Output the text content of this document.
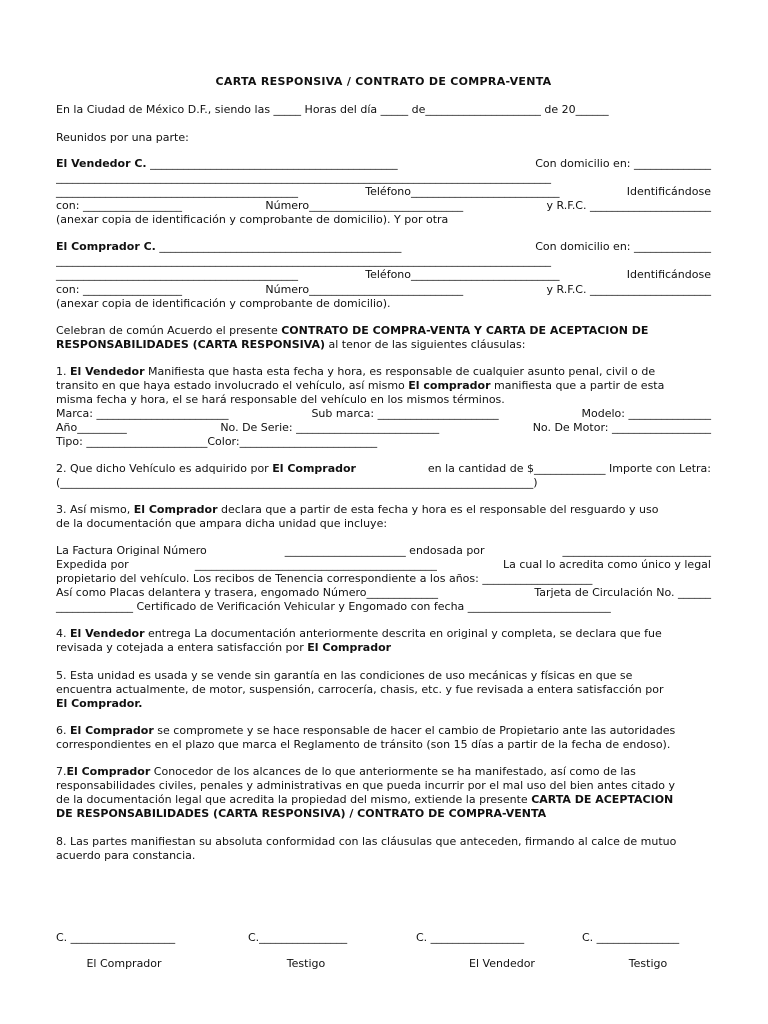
CARTA RESPONSIVA / CONTRATO DE COMPRA-VENTA
En la Ciudad de México D.F., siendo las _____ Horas del día _____ de_____________________ de 20______
Reunidos por una parte:
El Vendedor C. _____________________________________________	Con domicilio en: ______________
__________________________________________________________________________________________
____________________________________________	Teléfono___________________________	Identificándose
con: __________________	Número____________________________	y R.F.C. ______________________
(anexar copia de identificación y comprobante de domicilio). Y por otra
El Comprador C. ____________________________________________	Con domicilio en: ______________
__________________________________________________________________________________________
____________________________________________	Teléfono___________________________	Identificándose
con: __________________	Número____________________________	y R.F.C. ______________________
(anexar copia de identificación y comprobante de domicilio).
Celebran de común Acuerdo el presente CONTRATO DE COMPRA-VENTA Y CARTA DE ACEPTACION DE
RESPONSABILIDADES (CARTA RESPONSIVA) al tenor de las siguientes cláusulas:
1. El Vendedor Manifiesta que hasta esta fecha y hora, es responsable de cualquier asunto penal, civil o de
transito en que haya estado involucrado el vehículo, así mismo El comprador manifiesta que a partir de esta
misma fecha y hora, el se hará responsable del vehículo en los mismos términos.
Marca: ________________________	Sub marca: ______________________	Modelo: _______________
Año_________	No. De Serie: __________________________	No. De Motor: __________________
Tipo: ______________________Color:_________________________
2. Que dicho Vehículo es adquirido por El Comprador	en la cantidad de $_____________ Importe con Letra:
(______________________________________________________________________________________)
3. Así mismo, El Comprador declara que a partir de esta fecha y hora es el responsable del resguardo y uso
de la documentación que ampara dicha unidad que incluye:
La Factura Original Número	______________________ endosada por	___________________________
Expedida por	____________________________________________	La cual lo acredita como único y legal
propietario del vehículo. Los recibos de Tenencia correspondiente a los años: ____________________
Así como Placas delantera y trasera, engomado Número_____________	Tarjeta de Circulación No. ______
______________ Certificado de Verificación Vehicular y Engomado con fecha __________________________
4. El Vendedor entrega La documentación anteriormente descrita en original y completa, se declara que fue
revisada y cotejada a entera satisfacción por El Comprador
5. Esta unidad es usada y se vende sin garantía en las condiciones de uso mecánicas y físicas en que se
encuentra actualmente, de motor, suspensión, carrocería, chasis, etc. y fue revisada a entera satisfacción por
El Comprador.
6. El Comprador se compromete y se hace responsable de hacer el cambio de Propietario ante las autoridades
correspondientes en el plazo que marca el Reglamento de tránsito (son 15 días a partir de la fecha de endoso).
7.El Comprador Conocedor de los alcances de lo que anteriormente se ha manifestado, así como de las
responsabilidades civiles, penales y administrativas en que pueda incurrir por el mal uso del bien antes citado y
de la documentación legal que acredita la propiedad del mismo, extiende la presente CARTA DE ACEPTACION
DE RESPONSABILIDADES (CARTA RESPONSIVA) / CONTRATO DE COMPRA-VENTA
8. Las partes manifiestan su absoluta conformidad con las cláusulas que anteceden, firmando al calce de mutuo
acuerdo para constancia.
C. ___________________	C.________________	C. _________________	C. _______________
El Comprador	Testigo	El Vendedor	Testigo
